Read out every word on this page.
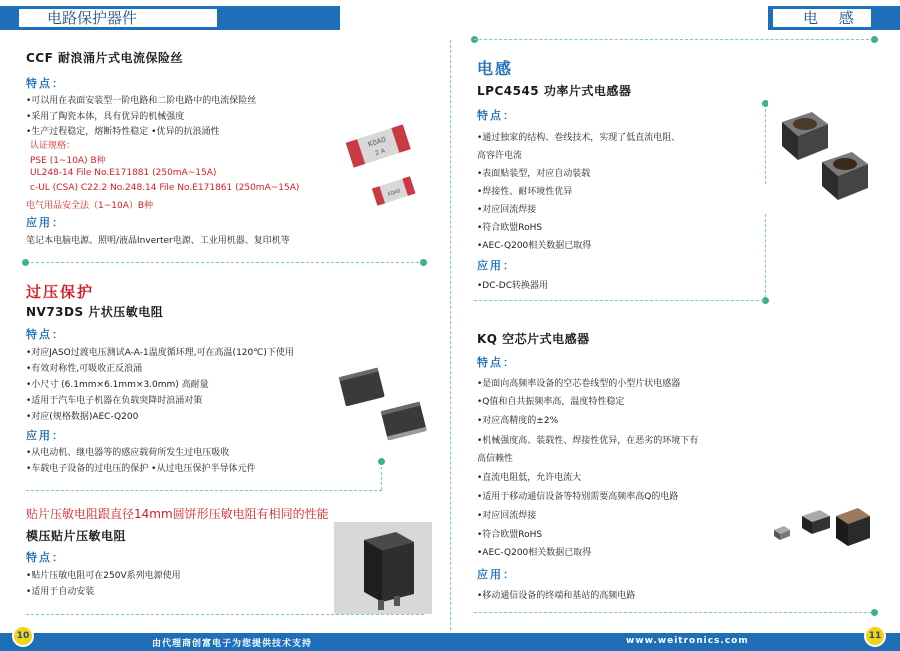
电路保护器件	电 感
CCF 耐浪涌片式电流保险丝
特点：
•可以用在表面安装型一阶电路和二阶电路中的电流保险丝
•采用了陶瓷本体，具有优异的机械强度
•生产过程稳定，熔断特性稳定 •优异的抗浪涌性
认证规格：
PSE (1~10A) B种
UL248-14 File No.E171881 (250mA~15A)
c-UL (CSA) C22.2 No.248.14 File No.E171861 (250mA~15A)
电气用品安全法（1~10A）B种
应用：
笔记本电脑电源、照明/液晶Inverter电源、工业用机器、复印机等
K0A0
2 A
K0A0
过压保护
NV73DS 片状压敏电阻
特点：
•对应JASO过渡电压测试A-A-1温度循环理,可在高温(120℃)下使用
•有效对称性,可吸收正反浪涌
•小尺寸 (6.1mm×6.1mm×3.0mm) 高耐量
•适用于汽车电子机器在负载突降时浪涌对策
•对应(规格数据)AEC-Q200
应用：
•从电动机、继电器等的感应载荷所发生过电压吸收
•车载电子设备的过电压的保护 •从过电压保护半导体元件
贴片压敏电阻跟直径14mm圆饼形压敏电阻有相同的性能
模压贴片压敏电阻
特点：
•贴片压敏电阻可在250V系列电源使用
•适用于自动安装
电感
LPC4545 功率片式电感器
特点：
•通过独家的结构、卷线技术，实现了低直流电阻、
高容许电流
•表面贴装型，对应自动装载
•焊接性、耐环境性优异
•对应回流焊接
•符合欧盟RoHS
•AEC-Q200相关数据已取得
应用：
•DC-DC转换器用
KQ 空芯片式电感器
特点：
•是面向高频率设备的空芯卷线型的小型片状电感器
•Q值和自共振频率高，温度特性稳定
•对应高精度的±2%
•机械强度高、装载性、焊接性优异，在恶劣的环境下有
高信赖性
•直流电阻低，允许电流大
•适用于移动通信设备等特别需要高频率高Q的电路
•对应回流焊接
•符合欧盟RoHS
•AEC-Q200相关数据已取得
应用：
•移动通信设备的终端和基站的高频电路
10
由代理商创富电子为您提供技术支持	www.weitronics.com	11
